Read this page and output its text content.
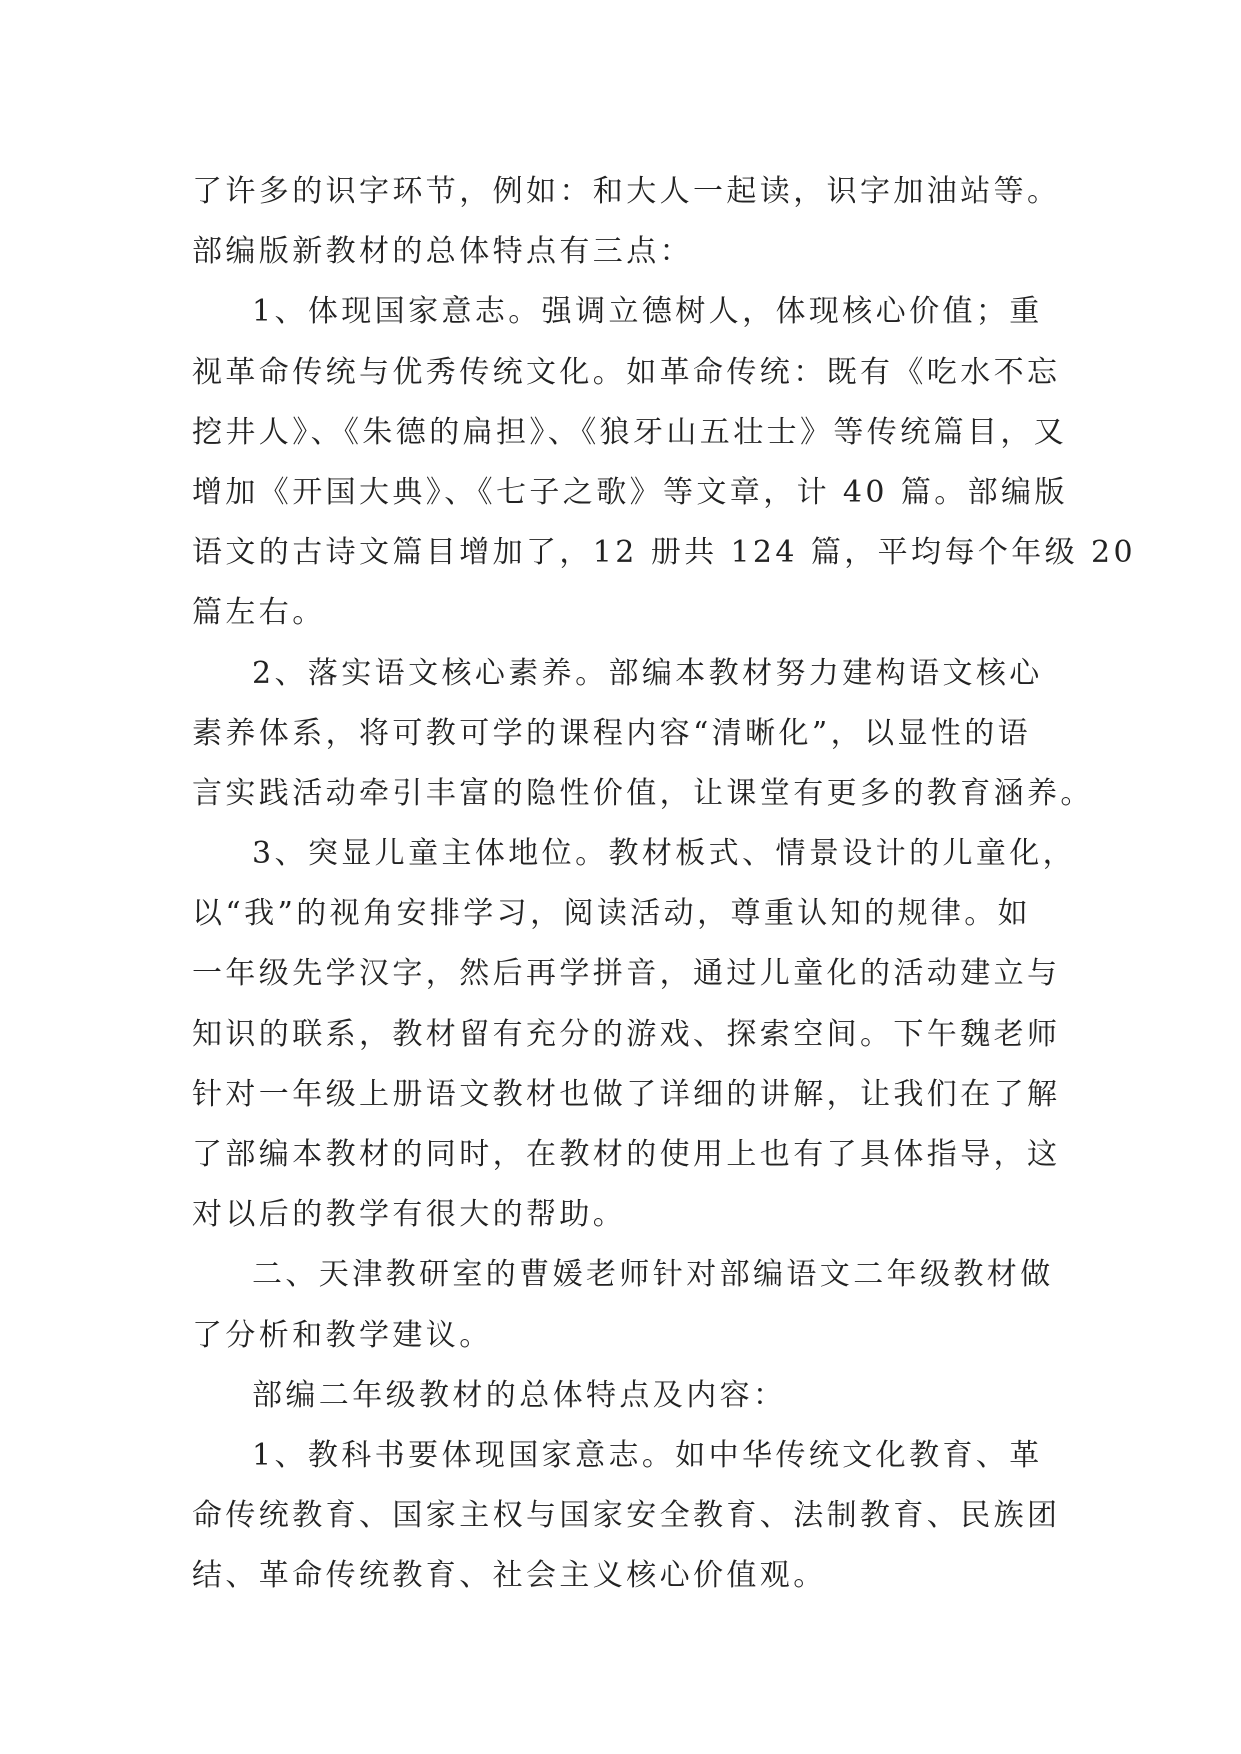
了许多的识字环节，例如：和大人一起读，识字加油站等。
部编版新教材的总体特点有三点：
1、体现国家意志。强调立德树人，体现核心价值；重
视革命传统与优秀传统文化。如革命传统：既有《吃水不忘
挖井人》、《朱德的扁担》、《狼牙山五壮士》等传统篇目，又
增加《开国大典》、《七子之歌》等文章，计 40 篇。部编版
语文的古诗文篇目增加了，12 册共 124 篇，平均每个年级 20
篇左右。
2、落实语文核心素养。部编本教材努力建构语文核心
素养体系，将可教可学的课程内容“清晰化”，以显性的语
言实践活动牵引丰富的隐性价值，让课堂有更多的教育涵养。
3、突显儿童主体地位。教材板式、情景设计的儿童化，
以“我”的视角安排学习，阅读活动，尊重认知的规律。如
一年级先学汉字，然后再学拼音，通过儿童化的活动建立与
知识的联系，教材留有充分的游戏、探索空间。下午魏老师
针对一年级上册语文教材也做了详细的讲解，让我们在了解
了部编本教材的同时，在教材的使用上也有了具体指导，这
对以后的教学有很大的帮助。
二、天津教研室的曹媛老师针对部编语文二年级教材做
了分析和教学建议。
部编二年级教材的总体特点及内容：
1、教科书要体现国家意志。如中华传统文化教育、革
命传统教育、国家主权与国家安全教育、法制教育、民族团
结、革命传统教育、社会主义核心价值观。
